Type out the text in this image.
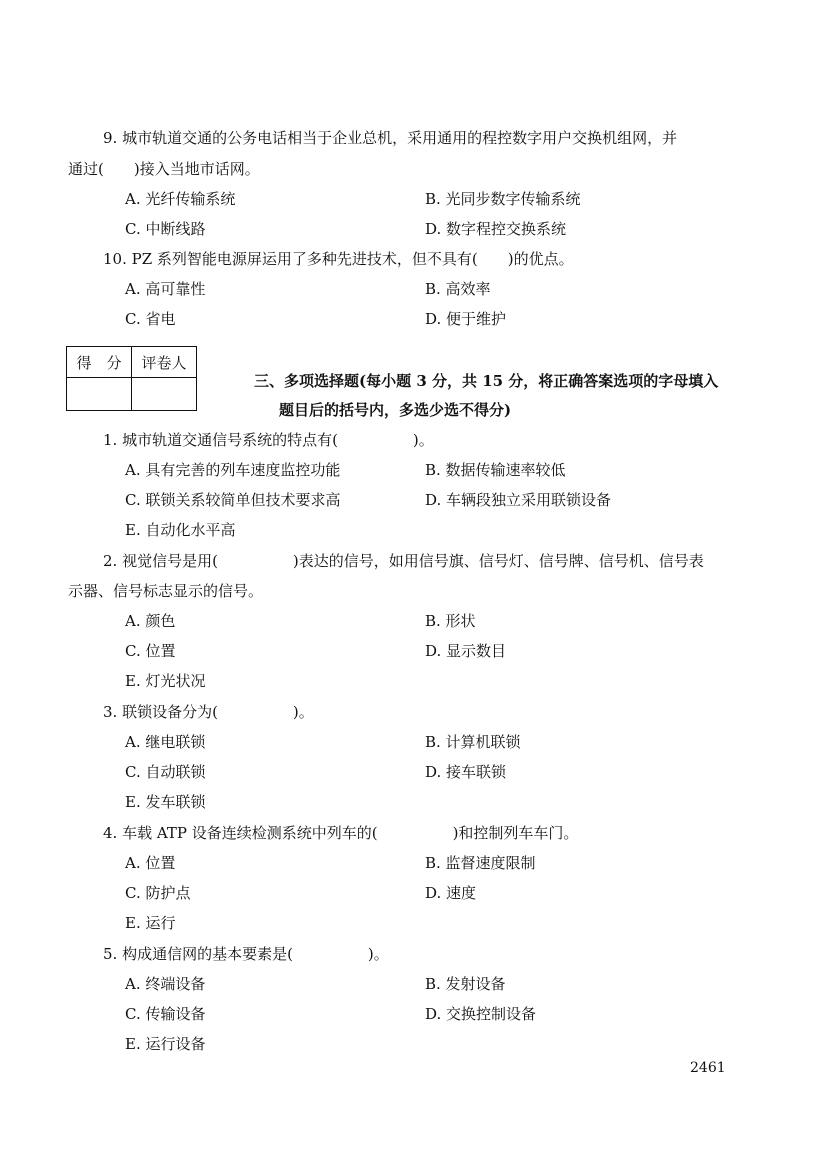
9. 城市轨道交通的公务电话相当于企业总机，采用通用的程控数字用户交换机组网，并
通过(　　)接入当地市话网。
A. 光纤传输系统	B. 光同步数字传输系统
C. 中断线路	D. 数字程控交换系统
10. PZ 系列智能电源屏运用了多种先进技术，但不具有(　　)的优点。
A. 高可靠性	B. 高效率
C. 省电	D. 便于维护
得　分	评卷人

三、多项选择题(每小题 3 分，共 15 分，将正确答案选项的字母填入
题目后的括号内，多选少选不得分)
1. 城市轨道交通信号系统的特点有(　　　　　)。
A. 具有完善的列车速度监控功能	B. 数据传输速率较低
C. 联锁关系较简单但技术要求高	D. 车辆段独立采用联锁设备
E. 自动化水平高
2. 视觉信号是用(　　　　　)表达的信号，如用信号旗、信号灯、信号牌、信号机、信号表
示器、信号标志显示的信号。
A. 颜色	B. 形状
C. 位置	D. 显示数目
E. 灯光状况
3. 联锁设备分为(　　　　　)。
A. 继电联锁	B. 计算机联锁
C. 自动联锁	D. 接车联锁
E. 发车联锁
4. 车载 ATP 设备连续检测系统中列车的(　　　　　)和控制列车车门。
A. 位置	B. 监督速度限制
C. 防护点	D. 速度
E. 运行
5. 构成通信网的基本要素是(　　　　　)。
A. 终端设备	B. 发射设备
C. 传输设备	D. 交换控制设备
E. 运行设备
2461
